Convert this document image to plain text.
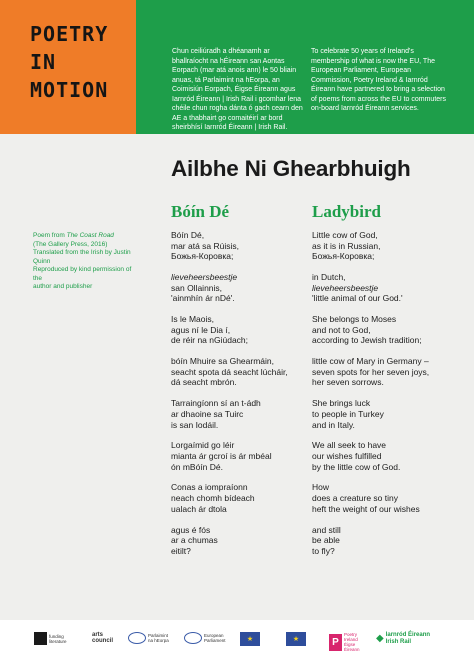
POETRY

IN

MOTION

Chun ceiliúradh a dhéanamh ar bhallraíocht na hÉireann san Aontas Eorpach (mar atá anois ann) le 50 bliain anuas, tá Parlaimint na hEorpa, an Coimisiún Eorpach, Éigse Éireann agus Iarnród Éireann | Irish Rail i gcomhar lena chéile chun rogha dánta ó gach cearn den AE a thabhairt go comaitéirí ar bord sheirbhísí Iarnród Éireann | Irish Rail.
To celebrate 50 years of Ireland's membership of what is now the EU, The European Parliament, European Commission, Poetry Ireland & Iarnród Éireann have partnered to bring a selection of poems from across the EU to commuters on-board Iarnród Éireann services.
Ailbhe Ni Ghearbhuigh
Poem from The Coast Road
(The Gallery Press, 2016)
Translated from the Irish by Justin Quinn
Reproduced by kind permission of the
author and publisher
Bóín Dé	Ladybird
Bóín Dé,
mar atá sa Rúisis,
Божья-Коровка;
lieveheersbeestje
san Ollainnis,
'ainmhín ár nDé'.
Is le Maois,
agus ní le Dia í,
de réir na nGiúdach;
bóín Mhuire sa Ghearmáin,
seacht spota dá seacht lúcháir,
dá seacht mbrón.
Tarraingíonn sí an t-ádh
ar dhaoine sa Tuirc
is san Iodáil.
Lorgaímid go léir
mianta ár gcroí is ár mbéal
ón mBóín Dé.
Conas a iompraíonn
neach chomh bídeach
ualach ár dtola
agus é fós
ar a chumas
eitilt?
Little cow of God,
as it is in Russian,
Божья-Коровка;
in Dutch,
lieveheersbeestje
'little animal of our God.'
She belongs to Moses
and not to God,
according to Jewish tradition;
little cow of Mary in Germany –
seven spots for her seven joys,
her seven sorrows.
She brings luck
to people in Turkey
and in Italy.
We all seek to have
our wishes fulfilled
by the little cow of God.
How
does a creature so tiny
heft the weight of our wishes
and still
be able
to fly?
funding
literature
arts
council
Parlaimint
na hEorpa
European
Parliament	★	★	P
Poetry
Ireland
Éigse
Éireann
◆ Iarnród Éireann
Irish Rail
